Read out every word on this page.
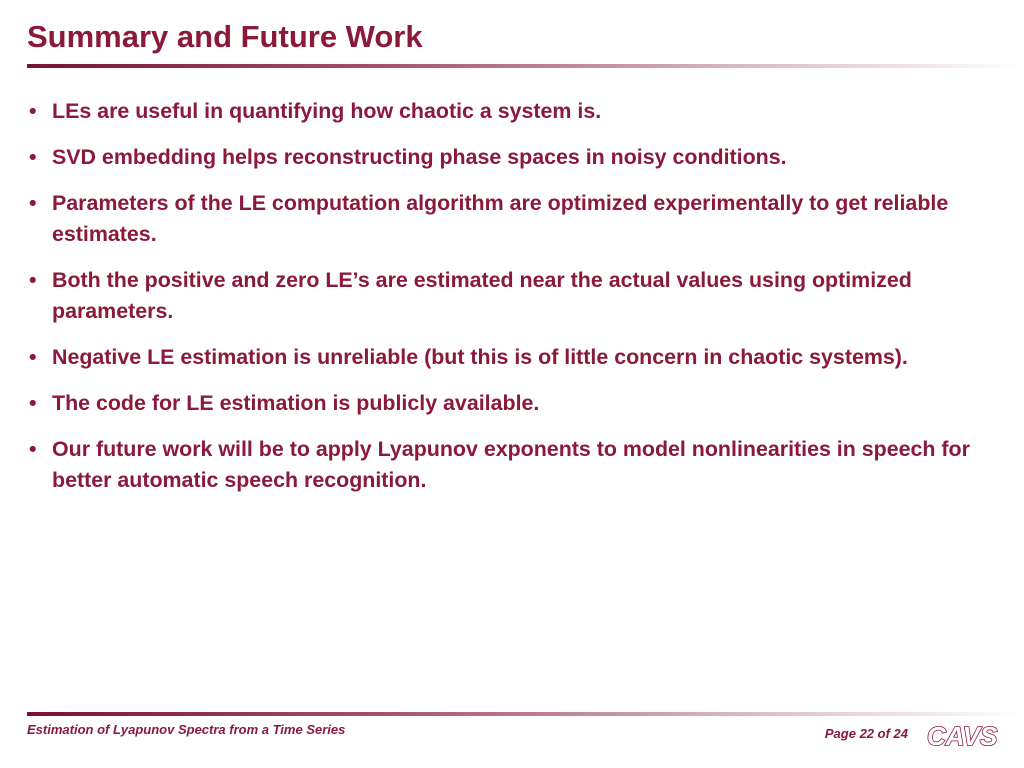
Summary and Future Work
• LEs are useful in quantifying how chaotic a system is.
• SVD embedding helps reconstructing phase spaces in noisy conditions.
• Parameters of the LE computation algorithm are optimized experimentally to get reliable estimates.
• Both the positive and zero LE’s are estimated near the actual values using optimized parameters.
• Negative LE estimation is unreliable (but this is of little concern in chaotic systems).
• The code for LE estimation is publicly available.
• Our future work will be to apply Lyapunov exponents to model nonlinearities in speech for better automatic speech recognition.
Estimation of Lyapunov Spectra from a Time Series	Page 22 of 24 CAVS
